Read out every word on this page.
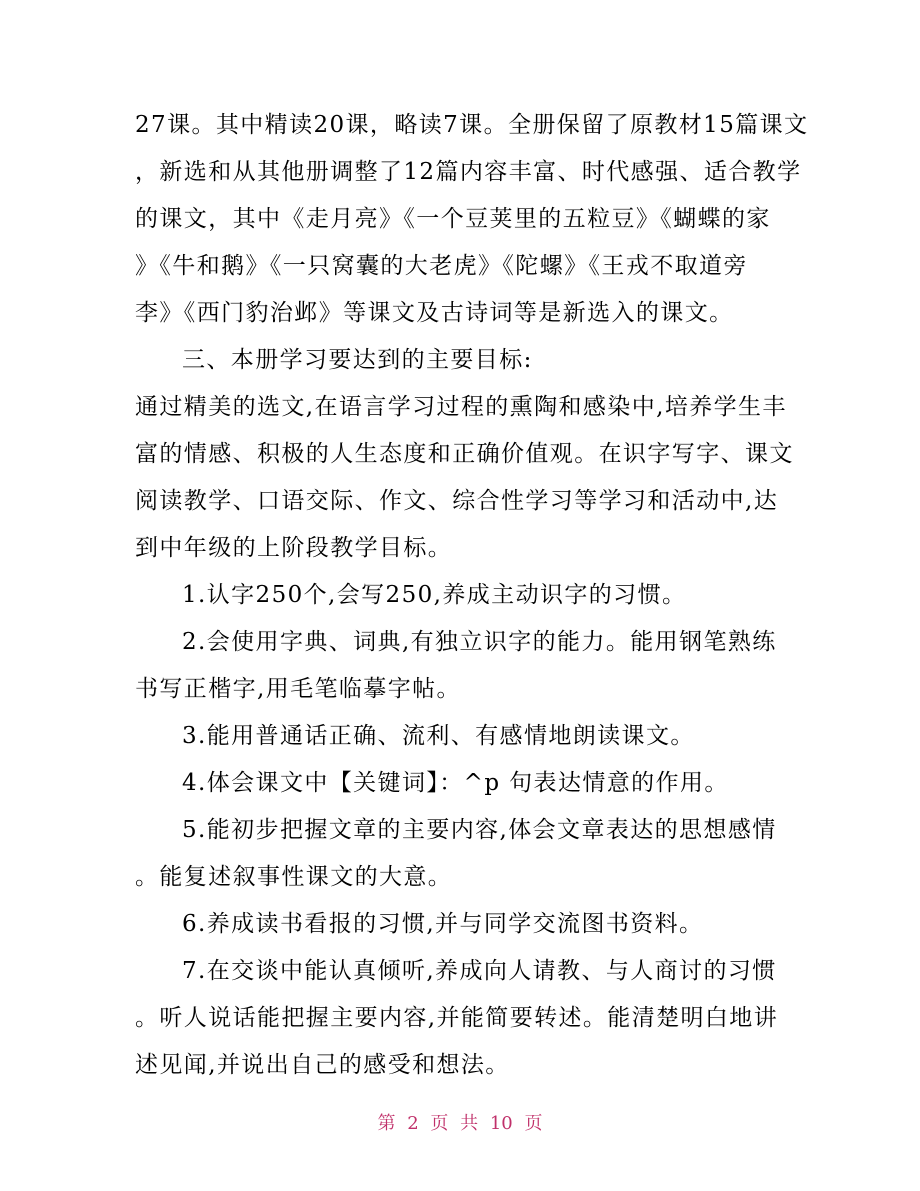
27课。其中精读20课，略读7课。全册保留了原教材15篇课文
，新选和从其他册调整了12篇内容丰富、时代感强、适合教学
的课文，其中《走月亮》《一个豆荚里的五粒豆》《蝴蝶的家
》《牛和鹅》《一只窝囊的大老虎》《陀螺》《王戎不取道旁
李》《西门豹治邺》等课文及古诗词等是新选入的课文。
三、本册学习要达到的主要目标:
通过精美的选文,在语言学习过程的熏陶和感染中,培养学生丰
富的情感、积极的人生态度和正确价值观。在识字写字、课文
阅读教学、口语交际、作文、综合性学习等学习和活动中,达
到中年级的上阶段教学目标。
1.认字250个,会写250,养成主动识字的习惯。
2.会使用字典、词典,有独立识字的能力。能用钢笔熟练
书写正楷字,用毛笔临摹字帖。
3.能用普通话正确、流利、有感情地朗读课文。
4.体会课文中【关键词】：^p 句表达情意的作用。
5.能初步把握文章的主要内容,体会文章表达的思想感情
。能复述叙事性课文的大意。
6.养成读书看报的习惯,并与同学交流图书资料。
7.在交谈中能认真倾听,养成向人请教、与人商讨的习惯
。听人说话能把握主要内容,并能简要转述。能清楚明白地讲
述见闻,并说出自己的感受和想法。
第 2 页 共 10 页
